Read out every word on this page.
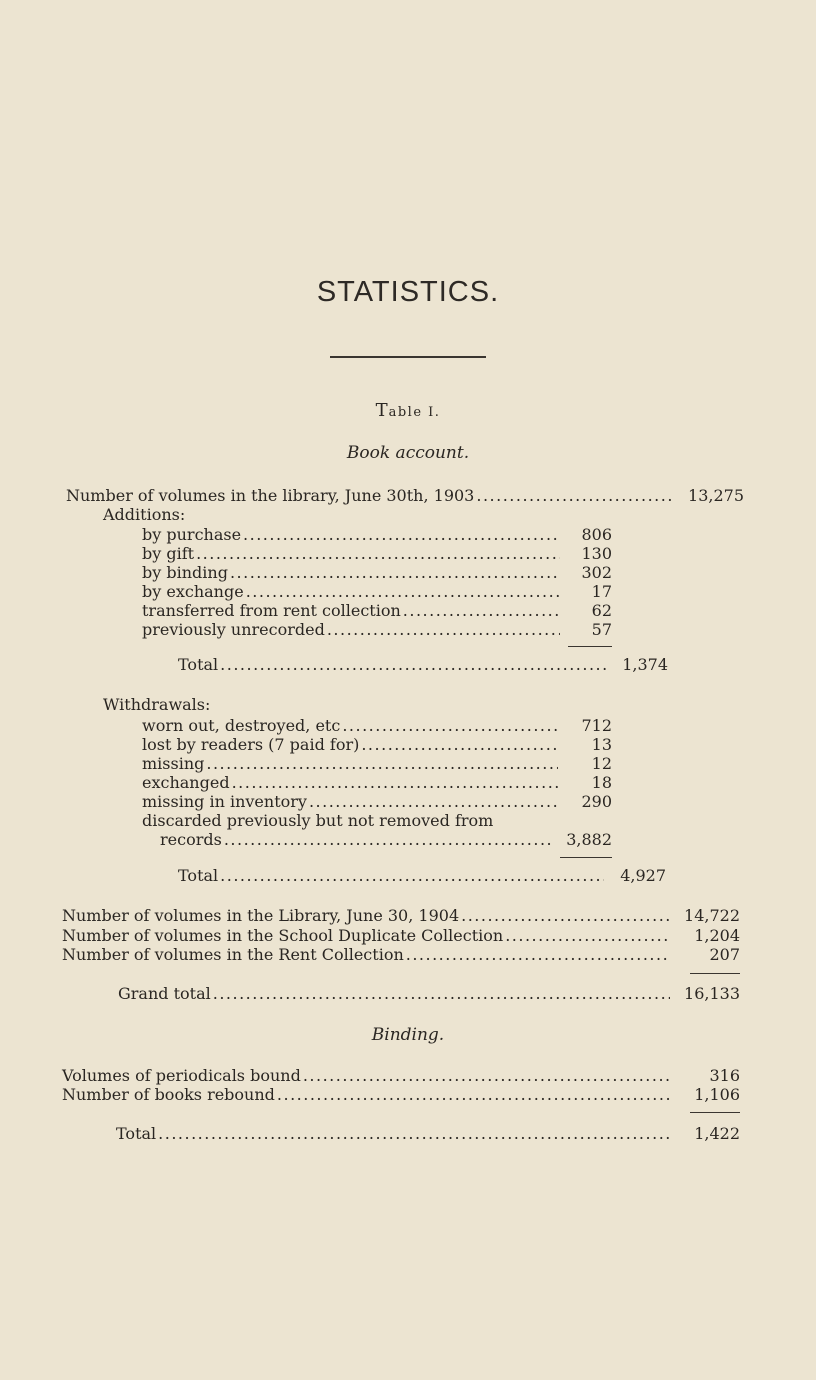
STATISTICS.
Table I.
Book account.
Number of volumes in the library, June 30th, 1903 .....	13,275
Additions:
by purchase .....	806
by gift .....	130
by binding .....	302
by exchange .....	17
transferred from rent collection .....	62
previously unrecorded .....	57
Total .....	1,374
Withdrawals:
worn out, destroyed, etc .....	712
lost by readers (7 paid for) .....	13
missing .....	12
exchanged .....	18
missing in inventory .....	290
discarded previously but not removed from
records .....	3,882
Total .....	4,927
Number of volumes in the Library, June 30, 1904 .....	14,722
Number of volumes in the School Duplicate Collection .....	1,204
Number of volumes in the Rent Collection .....	207
Grand total .....	16,133
Binding.
Volumes of periodicals bound .....	316
Number of books rebound .....	1,106
Total .....	1,422
